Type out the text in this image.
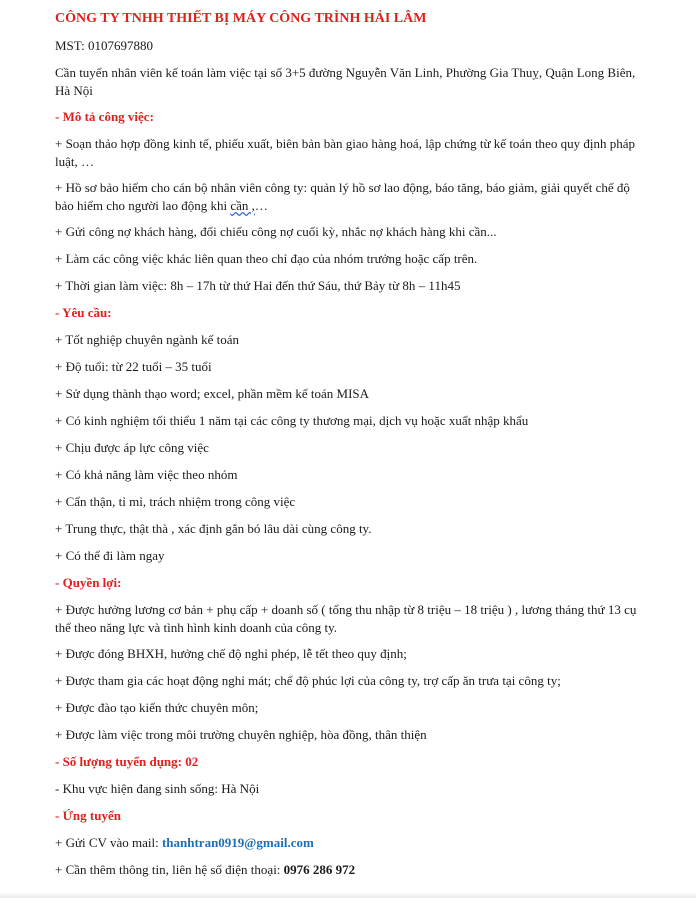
CÔNG TY TNHH THIẾT BỊ MÁY CÔNG TRÌNH HẢI LÂM
MST: 0107697880
Cần tuyển nhân viên kế toán làm việc tại số 3+5 đường Nguyễn Văn Linh, Phường Gia Thuỵ, Quận Long Biên, Hà Nội
- Mô tả công việc:
+ Soạn thảo hợp đồng kinh tế, phiếu xuất, biên bản bàn giao hàng hoá, lập chứng từ kế toán theo quy định pháp luật, …
+ Hồ sơ bảo hiểm cho cán bộ nhân viên công ty: quản lý hồ sơ lao động, báo tăng, báo giảm, giải quyết chế độ bảo hiểm cho người lao động khi cần ,…
+ Gửi công nợ khách hàng, đối chiếu công nợ cuối kỳ, nhắc nợ khách hàng khi cần...
+ Làm các công việc khác liên quan theo chỉ đạo của nhóm trưởng hoặc cấp trên.
+ Thời gian làm việc: 8h – 17h từ thứ Hai đến thứ Sáu, thứ Bảy từ 8h – 11h45
- Yêu cầu:
+ Tốt nghiệp chuyên ngành kế toán
+ Độ tuổi: từ 22 tuổi – 35 tuổi
+ Sử dụng thành thạo word; excel, phần mềm kế toán MISA
+ Có kinh nghiệm tối thiểu 1 năm tại các công ty thương mại, dịch vụ hoặc xuất nhập khẩu
+ Chịu được áp lực công việc
+ Có khả năng làm việc theo nhóm
+ Cẩn thận, tỉ mỉ, trách nhiệm trong công việc
+ Trung thực, thật thà , xác định gắn bó lâu dài cùng công ty.
+ Có thể đi làm ngay
- Quyền lợi:
+ Được hưởng lương cơ bản + phụ cấp + doanh số ( tổng thu nhập từ 8 triệu – 18 triệu ) , lương tháng thứ 13 cụ thể theo năng lực và tình hình kinh doanh của công ty.
+ Được đóng BHXH, hưởng chế độ nghỉ phép, lễ tết theo quy định;
+ Được tham gia các hoạt động nghỉ mát; chế độ phúc lợi của công ty, trợ cấp ăn trưa tại công ty;
+ Được đào tạo kiến thức chuyên môn;
+ Được làm việc trong môi trường chuyên nghiệp, hòa đồng, thân thiện
- Số lượng tuyển dụng: 02
- Khu vực hiện đang sinh sống: Hà Nội
- Ứng tuyển
+ Gửi CV vào mail: thanhtran0919@gmail.com
+ Cần thêm thông tin, liên hệ số điện thoại: 0976 286 972
